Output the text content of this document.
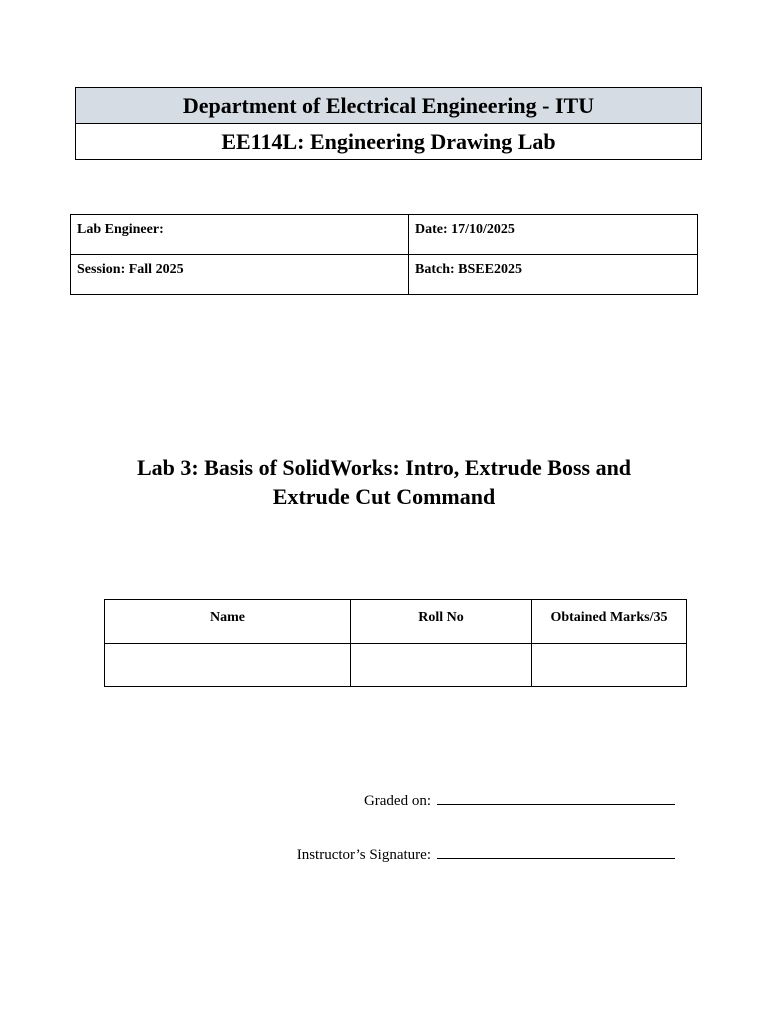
Department of Electrical Engineering - ITU
EE114L: Engineering Drawing Lab
Lab Engineer:	Date: 17/10/2025
Session: Fall 2025	Batch: BSEE2025
Lab 3: Basis of SolidWorks: Intro, Extrude Boss and
Extrude Cut Command
Name	Roll No	Obtained Marks/35

Graded on:
Instructor’s Signature:
